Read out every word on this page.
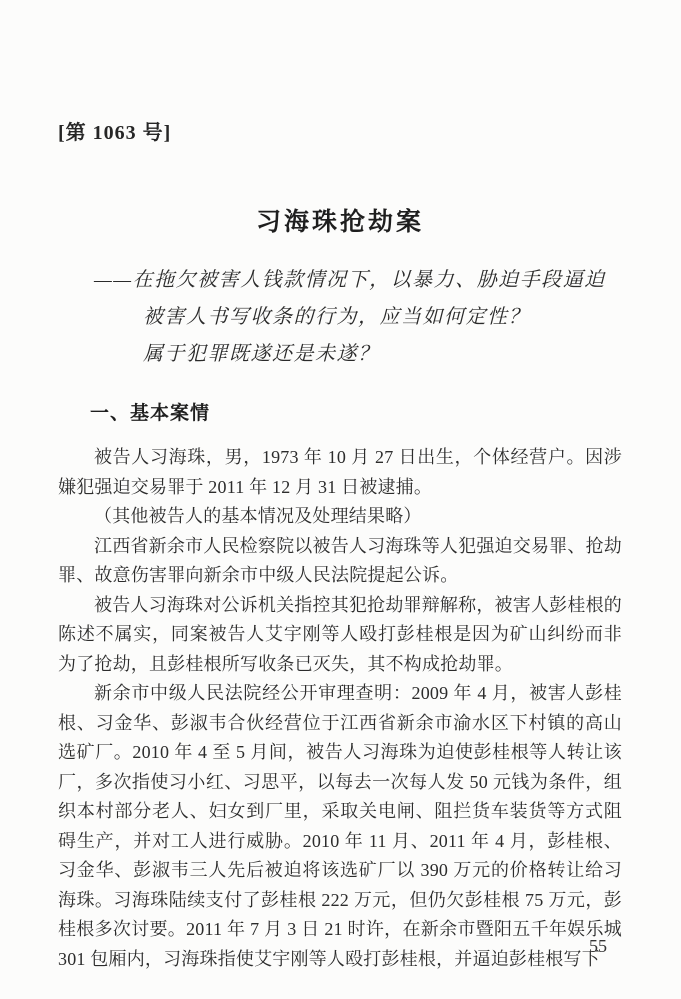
[第 1063 号]
习海珠抢劫案
——在拖欠被害人钱款情况下，以暴力、胁迫手段逼迫
被害人书写收条的行为，应当如何定性？
属于犯罪既遂还是未遂？
一、基本案情

被告人习海珠，男，1973 年 10 月 27 日出生，个体经营户。因涉嫌犯强迫交易罪于 2011 年 12 月 31 日被逮捕。

（其他被告人的基本情况及处理结果略）

江西省新余市人民检察院以被告人习海珠等人犯强迫交易罪、抢劫罪、故意伤害罪向新余市中级人民法院提起公诉。

被告人习海珠对公诉机关指控其犯抢劫罪辩解称，被害人彭桂根的陈述不属实，同案被告人艾宇刚等人殴打彭桂根是因为矿山纠纷而非为了抢劫，且彭桂根所写收条已灭失，其不构成抢劫罪。

新余市中级人民法院经公开审理查明：2009 年 4 月，被害人彭桂根、习金华、彭淑韦合伙经营位于江西省新余市渝水区下村镇的高山选矿厂。2010 年 4 至 5 月间，被告人习海珠为迫使彭桂根等人转让该厂，多次指使习小红、习思平，以每去一次每人发 50 元钱为条件，组织本村部分老人、妇女到厂里，采取关电闸、阻拦货车装货等方式阻碍生产，并对工人进行威胁。2010 年 11 月、2011 年 4 月，彭桂根、习金华、彭淑韦三人先后被迫将该选矿厂以 390 万元的价格转让给习海珠。习海珠陆续支付了彭桂根 222 万元，但仍欠彭桂根 75 万元，彭桂根多次讨要。2011 年 7 月 3 日 21 时许，在新余市暨阳五千年娱乐城 301 包厢内，习海珠指使艾宇刚等人殴打彭桂根，并逼迫彭桂根写下

55
